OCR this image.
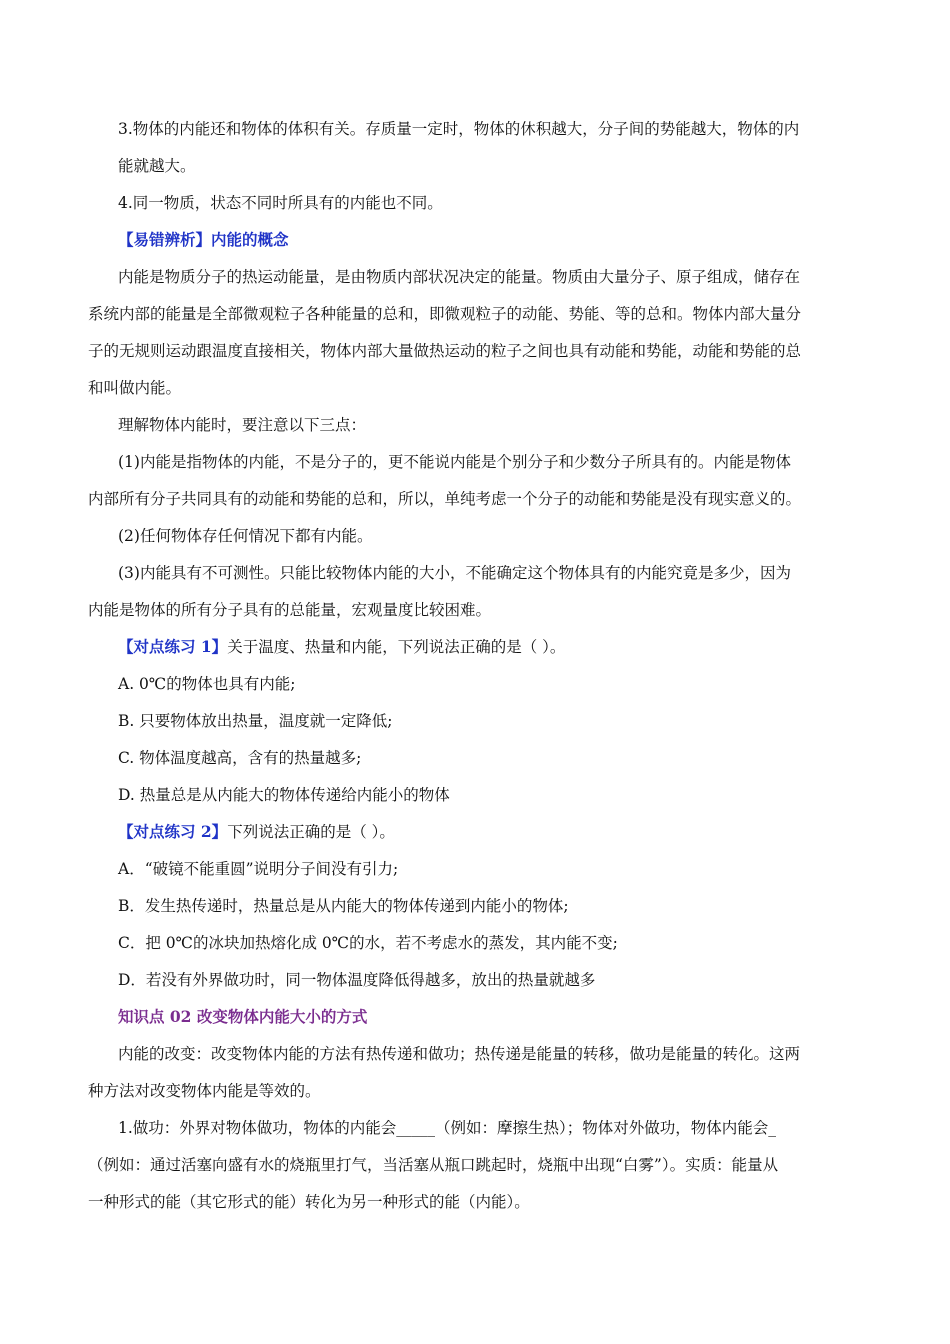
3.物体的内能还和物体的体积有关。存质量一定时，物体的休积越大，分子间的势能越大，物体的内
能就越大。
4.同一物质，状态不同时所具有的内能也不同。
【易错辨析】内能的概念
内能是物质分子的热运动能量，是由物质内部状况决定的能量。物质由大量分子、原子组成，储存在
系统内部的能量是全部微观粒子各种能量的总和，即微观粒子的动能、势能、等的总和。物体内部大量分
子的无规则运动跟温度直接相关，物体内部大量做热运动的粒子之间也具有动能和势能，动能和势能的总
和叫做内能。
理解物体内能时，要注意以下三点：
(1)内能是指物体的内能，不是分子的，更不能说内能是个别分子和少数分子所具有的。内能是物体
内部所有分子共同具有的动能和势能的总和，所以，单纯考虑一个分子的动能和势能是没有现实意义的。
(2)任何物体存任何情况下都有内能。
(3)内能具有不可测性。只能比较物体内能的大小，不能确定这个物体具有的内能究竟是多少，因为
内能是物体的所有分子具有的总能量，宏观量度比较困难。
【对点练习 1】关于温度、热量和内能，下列说法正确的是（ ）。
A. 0℃的物体也具有内能;
B. 只要物体放出热量，温度就一定降低;
C. 物体温度越高，含有的热量越多;
D. 热量总是从内能大的物体传递给内能小的物体
【对点练习 2】下列说法正确的是（ ）。
A．“破镜不能重圆”说明分子间没有引力;
B．发生热传递时，热量总是从内能大的物体传递到内能小的物体;
C．把 0℃的冰块加热熔化成 0℃的水，若不考虑水的蒸发，其内能不变;
D．若没有外界做功时，同一物体温度降低得越多，放出的热量就越多
知识点 02 改变物体内能大小的方式
内能的改变：改变物体内能的方法有热传递和做功；热传递是能量的转移，做功是能量的转化。这两
种方法对改变物体内能是等效的。
1.做功：外界对物体做功，物体的内能会_____（例如：摩擦生热）；物体对外做功，物体内能会_
（例如：通过活塞向盛有水的烧瓶里打气，当活塞从瓶口跳起时，烧瓶中出现“白雾”）。实质：能量从
一种形式的能（其它形式的能）转化为另一种形式的能（内能）。
